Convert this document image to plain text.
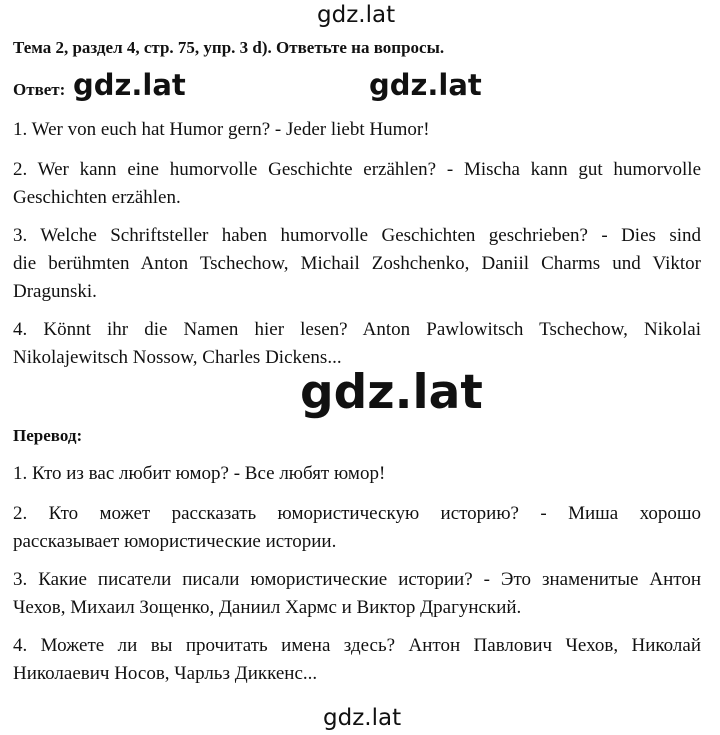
gdz.lat
Тема 2, раздел 4, стр. 75, упр. 3 d). Ответьте на вопросы.
Ответ: gdz.lat	gdz.lat
1. Wer von euch hat Humor gern? - Jeder liebt Humor!
2. Wer kann eine humorvolle Geschichte erzählen? - Mischa kann gut humorvolle
Geschichten erzählen.
3. Welche Schriftsteller haben humorvolle Geschichten geschrieben? - Dies sind
die berühmten Anton Tschechow, Michail Zoshchenko, Daniil Charms und Viktor
Dragunski.
4. Könnt ihr die Namen hier lesen? Anton Pawlowitsch Tschechow, Nikolai
Nikolajewitsch Nossow, Charles Dickens...
gdz.lat
Перевод:
1. Кто из вас любит юмор? - Все любят юмор!
2. Кто может рассказать юмористическую историю? - Миша хорошо
рассказывает юмористические истории.
3. Какие писатели писали юмористические истории? - Это знаменитые Антон
Чехов, Михаил Зощенко, Даниил Хармс и Виктор Драгунский.
4. Можете ли вы прочитать имена здесь? Антон Павлович Чехов, Николай
Николаевич Носов, Чарльз Диккенс...
gdz.lat
